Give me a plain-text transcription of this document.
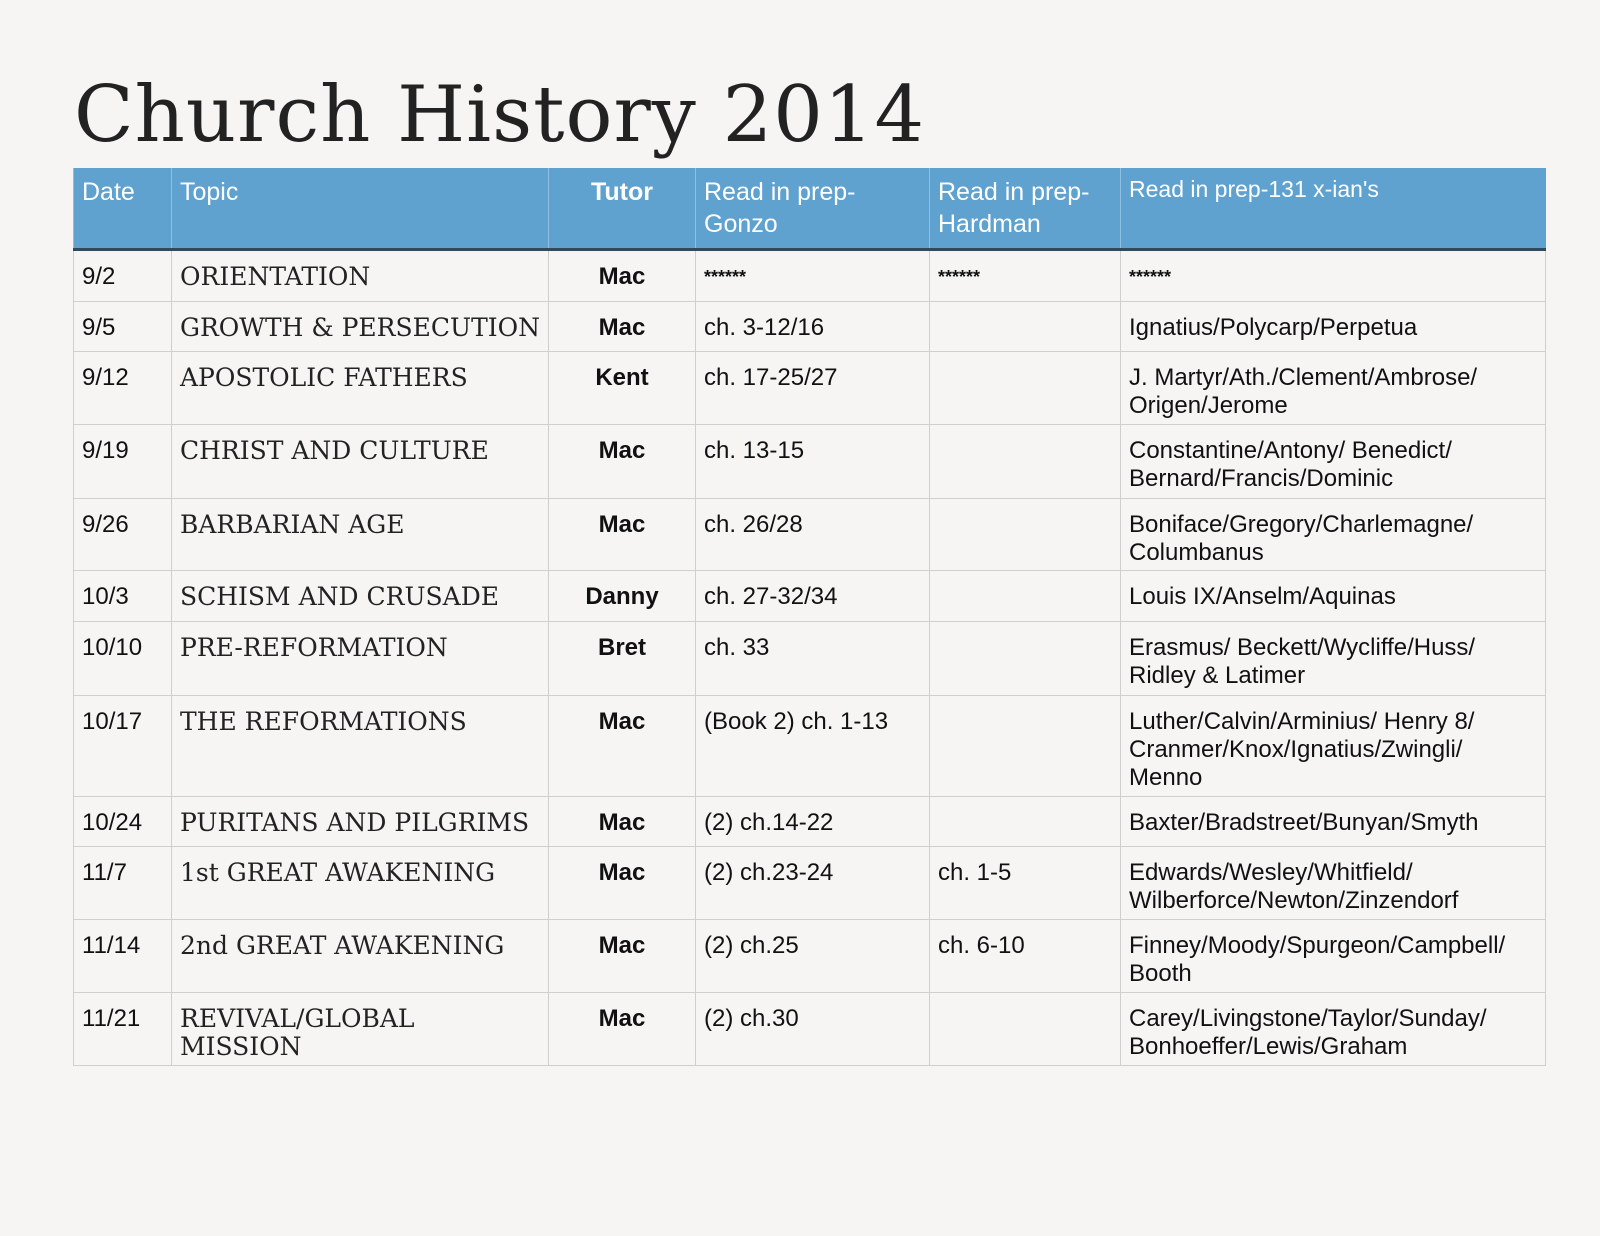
Church History 2014
Date	Topic	Tutor	Read in prep-Gonzo	Read in prep-Hardman	Read in prep-131 x-ian's
9/2	ORIENTATION	Mac	******	******	******
9/5	GROWTH & PERSECUTION	Mac	ch. 3-12/16		Ignatius/Polycarp/Perpetua
9/12	APOSTOLIC FATHERS	Kent	ch. 17-25/27		J. Martyr/Ath./Clement/Ambrose/ Origen/Jerome
9/19	CHRIST AND CULTURE	Mac	ch. 13-15		Constantine/Antony/ Benedict/ Bernard/Francis/Dominic
9/26	BARBARIAN AGE	Mac	ch. 26/28		Boniface/Gregory/Charlemagne/ Columbanus
10/3	SCHISM AND CRUSADE	Danny	ch. 27-32/34		Louis IX/Anselm/Aquinas
10/10	PRE-REFORMATION	Bret	ch. 33		Erasmus/ Beckett/Wycliffe/Huss/ Ridley & Latimer
10/17	THE REFORMATIONS	Mac	(Book 2) ch. 1-13		Luther/Calvin/Arminius/ Henry 8/ Cranmer/Knox/Ignatius/Zwingli/ Menno
10/24	PURITANS AND PILGRIMS	Mac	(2) ch.14-22		Baxter/Bradstreet/Bunyan/Smyth
11/7	1st GREAT AWAKENING	Mac	(2) ch.23-24	ch. 1-5	Edwards/Wesley/Whitfield/ Wilberforce/Newton/Zinzendorf
11/14	2nd GREAT AWAKENING	Mac	(2) ch.25	ch. 6-10	Finney/Moody/Spurgeon/Campbell/ Booth
11/21	REVIVAL/GLOBAL MISSION	Mac	(2) ch.30		Carey/Livingstone/Taylor/Sunday/ Bonhoeffer/Lewis/Graham
